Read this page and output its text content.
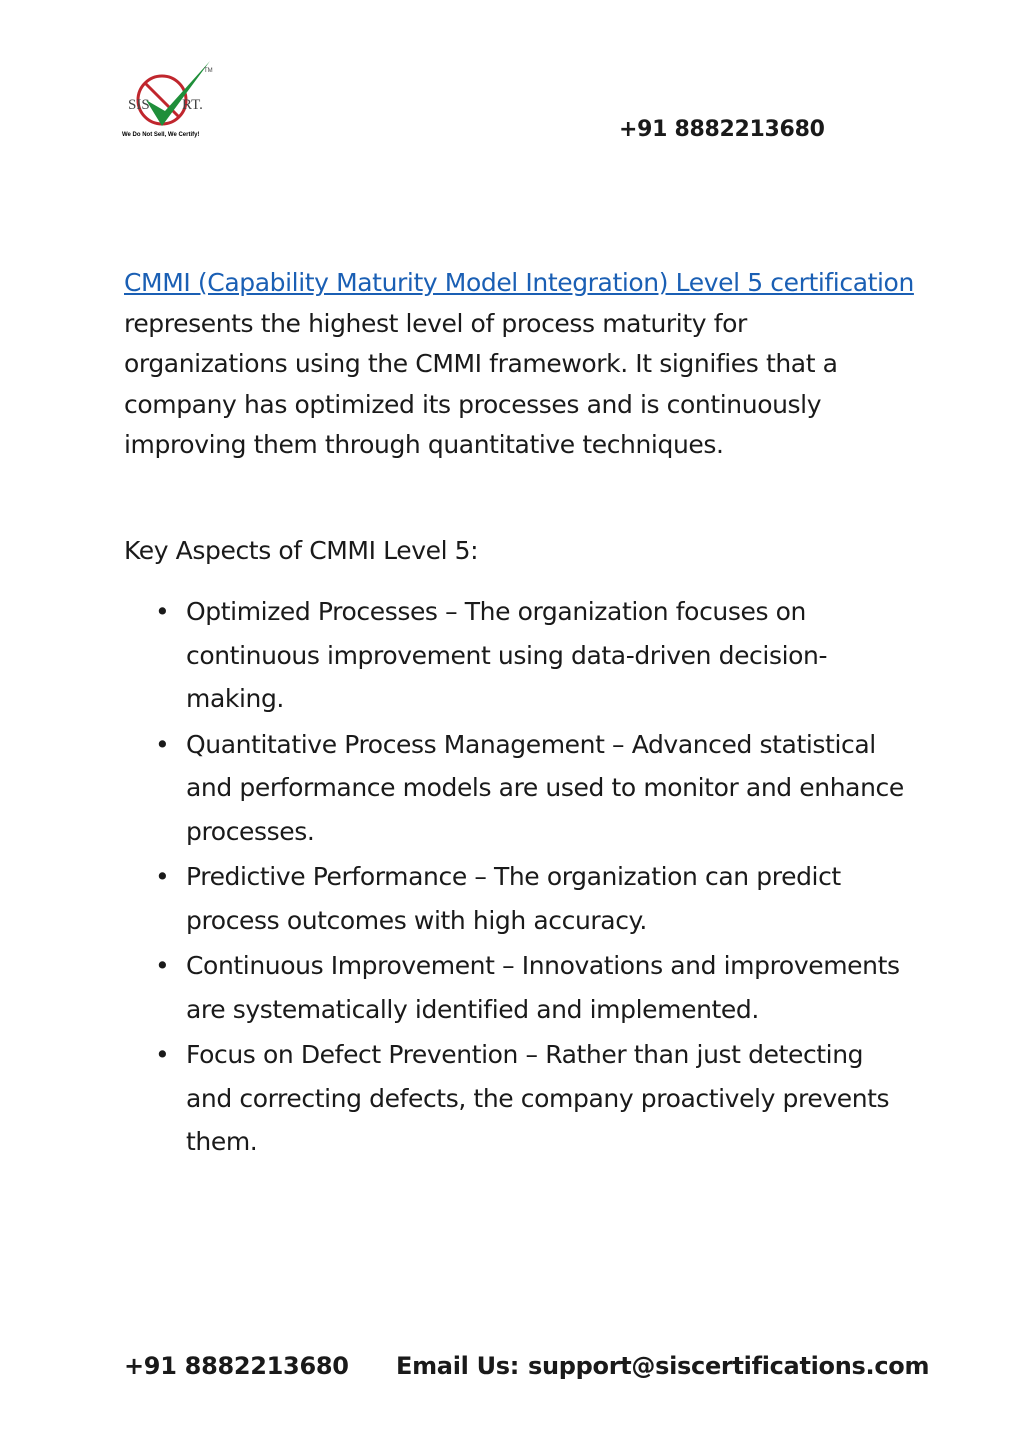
SIS RT.
TM
We Do Not Sell, We Certify!	+91 8882213680

CMMI (Capability Maturity Model Integration) Level 5 certification represents the highest level of process maturity for organizations using the CMMI framework. It signifies that a company has optimized its processes and is continuously improving them through quantitative techniques.

Key Aspects of CMMI Level 5:
• Optimized Processes – The organization focuses on continuous improvement using data-driven decision-making.
• Quantitative Process Management – Advanced statistical and performance models are used to monitor and enhance processes.
• Predictive Performance – The organization can predict process outcomes with high accuracy.
• Continuous Improvement – Innovations and improvements are systematically identified and implemented.
• Focus on Defect Prevention – Rather than just detecting and correcting defects, the company proactively prevents them.
+91 8882213680 Email Us: support@siscertifications.com
